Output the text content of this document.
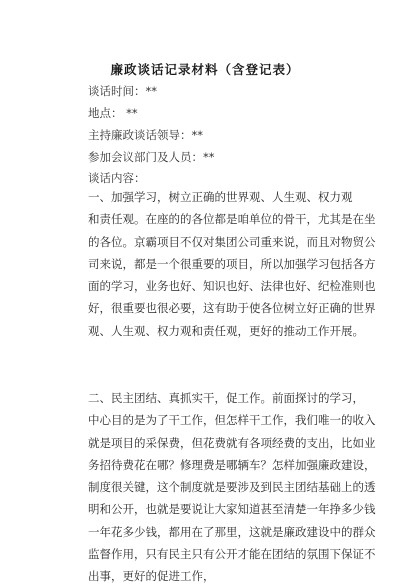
廉政谈话记录材料（含登记表）
谈话时间：**
地点： **
主持廉政谈话领导：**
参加会议部门及人员：**
谈话内容：
一、加强学习，树立正确的世界观、人生观、权力观
和责任观。在座的的各位都是咱单位的骨干，尤其是在坐
的各位。京霸项目不仅对集团公司重来说，而且对物贸公
司来说，都是一个很重要的项目，所以加强学习包括各方
面的学习，业务也好、知识也好、法律也好、纪检准则也
好，很重要也很必要，这有助于使各位树立好正确的世界
观、人生观、权力观和责任观，更好的推动工作开展。
二、民主团结、真抓实干，促工作。前面探讨的学习，
中心目的是为了干工作，但怎样干工作，我们唯一的收入
就是项目的采保费，但花费就有各项经费的支出，比如业
务招待费花在哪？修理费是哪辆车？怎样加强廉政建设，
制度很关键，这个制度就是要涉及到民主团结基础上的透
明和公开，也就是要说让大家知道甚至清楚一年挣多少钱
一年花多少钱，都用在了那里，这就是廉政建设中的群众
监督作用，只有民主只有公开才能在团结的氛围下保证不
出事，更好的促进工作，
